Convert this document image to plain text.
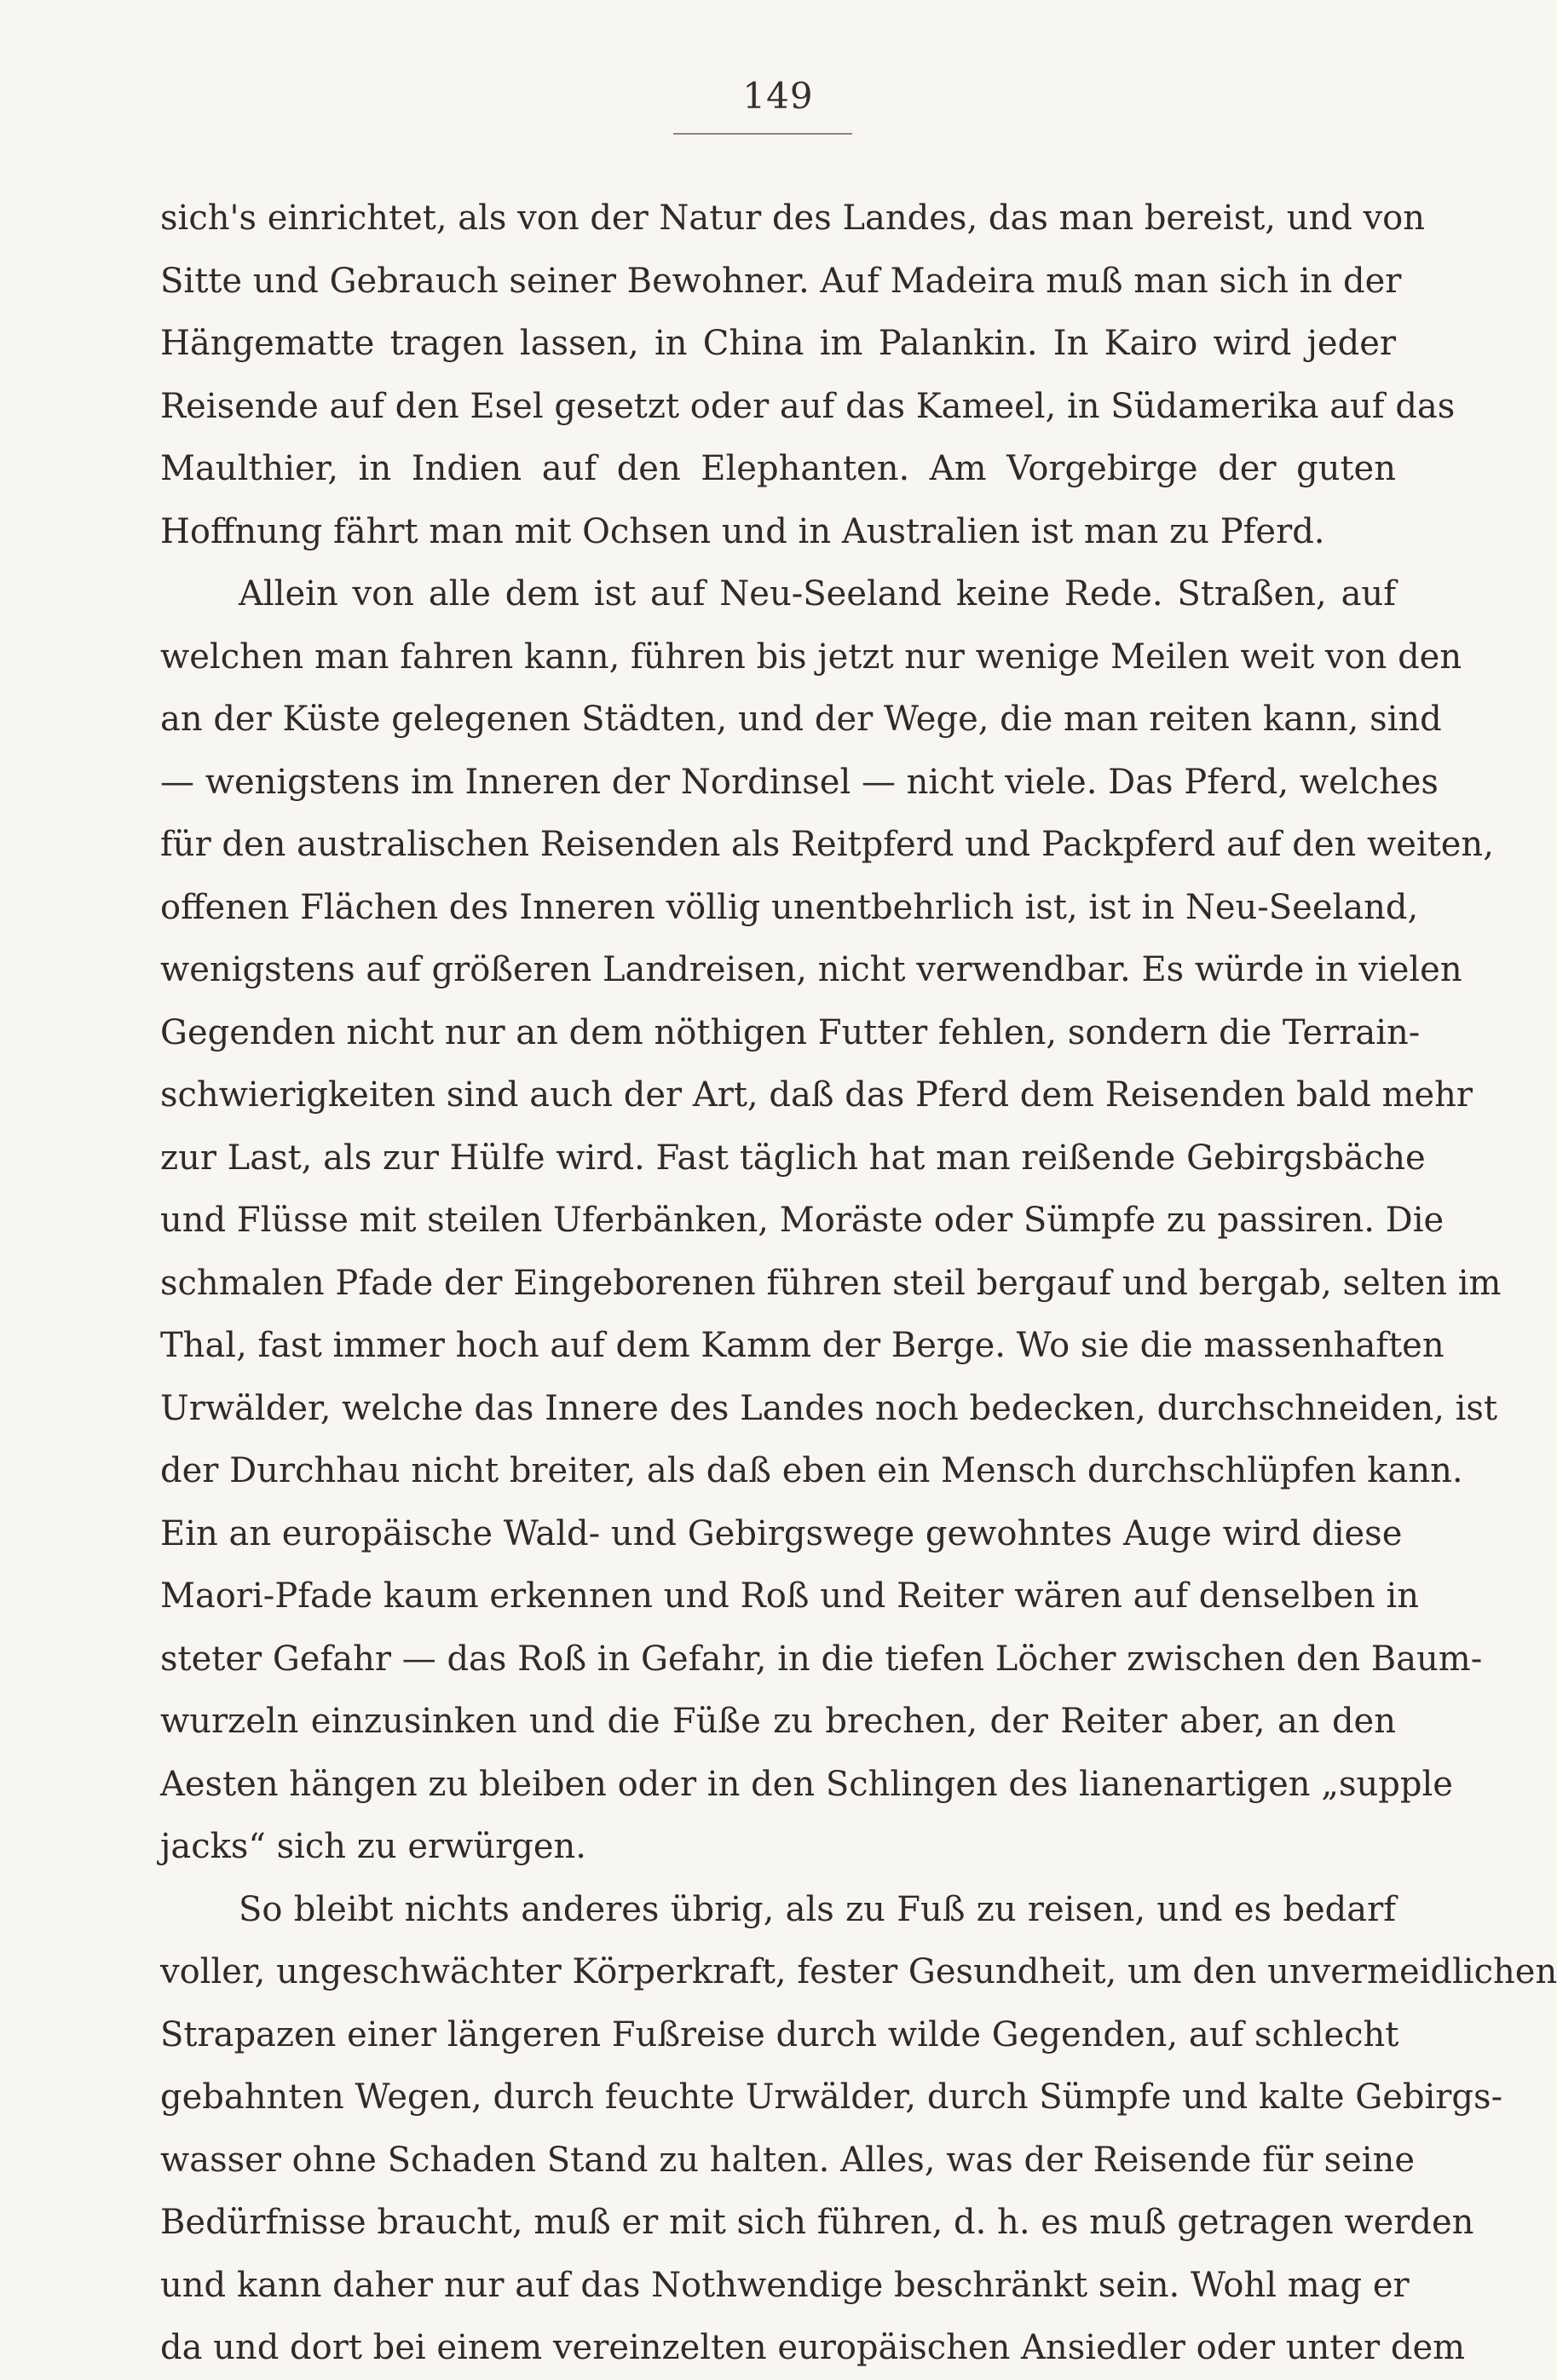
149
sich's einrichtet, als von der Natur des Landes, das man bereist, und von
Sitte und Gebrauch seiner Bewohner. Auf Madeira muß man sich in der
Hängematte tragen lassen, in China im Palankin. In Kairo wird jeder
Reisende auf den Esel gesetzt oder auf das Kameel, in Südamerika auf das
Maulthier, in Indien auf den Elephanten. Am Vorgebirge der guten
Hoffnung fährt man mit Ochsen und in Australien ist man zu Pferd.
Allein von alle dem ist auf Neu-Seeland keine Rede. Straßen, auf
welchen man fahren kann, führen bis jetzt nur wenige Meilen weit von den
an der Küste gelegenen Städten, und der Wege, die man reiten kann, sind
— wenigstens im Inneren der Nordinsel — nicht viele. Das Pferd, welches
für den australischen Reisenden als Reitpferd und Packpferd auf den weiten,
offenen Flächen des Inneren völlig unentbehrlich ist, ist in Neu-Seeland,
wenigstens auf größeren Landreisen, nicht verwendbar. Es würde in vielen
Gegenden nicht nur an dem nöthigen Futter fehlen, sondern die Terrain-
schwierigkeiten sind auch der Art, daß das Pferd dem Reisenden bald mehr
zur Last, als zur Hülfe wird. Fast täglich hat man reißende Gebirgsbäche
und Flüsse mit steilen Uferbänken, Moräste oder Sümpfe zu passiren. Die
schmalen Pfade der Eingeborenen führen steil bergauf und bergab, selten im
Thal, fast immer hoch auf dem Kamm der Berge. Wo sie die massenhaften
Urwälder, welche das Innere des Landes noch bedecken, durchschneiden, ist
der Durchhau nicht breiter, als daß eben ein Mensch durchschlüpfen kann.
Ein an europäische Wald- und Gebirgswege gewohntes Auge wird diese
Maori-Pfade kaum erkennen und Roß und Reiter wären auf denselben in
steter Gefahr — das Roß in Gefahr, in die tiefen Löcher zwischen den Baum-
wurzeln einzusinken und die Füße zu brechen, der Reiter aber, an den
Aesten hängen zu bleiben oder in den Schlingen des lianenartigen „supple
jacks“ sich zu erwürgen.
So bleibt nichts anderes übrig, als zu Fuß zu reisen, und es bedarf
voller, ungeschwächter Körperkraft, fester Gesundheit, um den unvermeidlichen
Strapazen einer längeren Fußreise durch wilde Gegenden, auf schlecht
gebahnten Wegen, durch feuchte Urwälder, durch Sümpfe und kalte Gebirgs-
wasser ohne Schaden Stand zu halten. Alles, was der Reisende für seine
Bedürfnisse braucht, muß er mit sich führen, d. h. es muß getragen werden
und kann daher nur auf das Nothwendige beschränkt sein. Wohl mag er
da und dort bei einem vereinzelten europäischen Ansiedler oder unter dem
